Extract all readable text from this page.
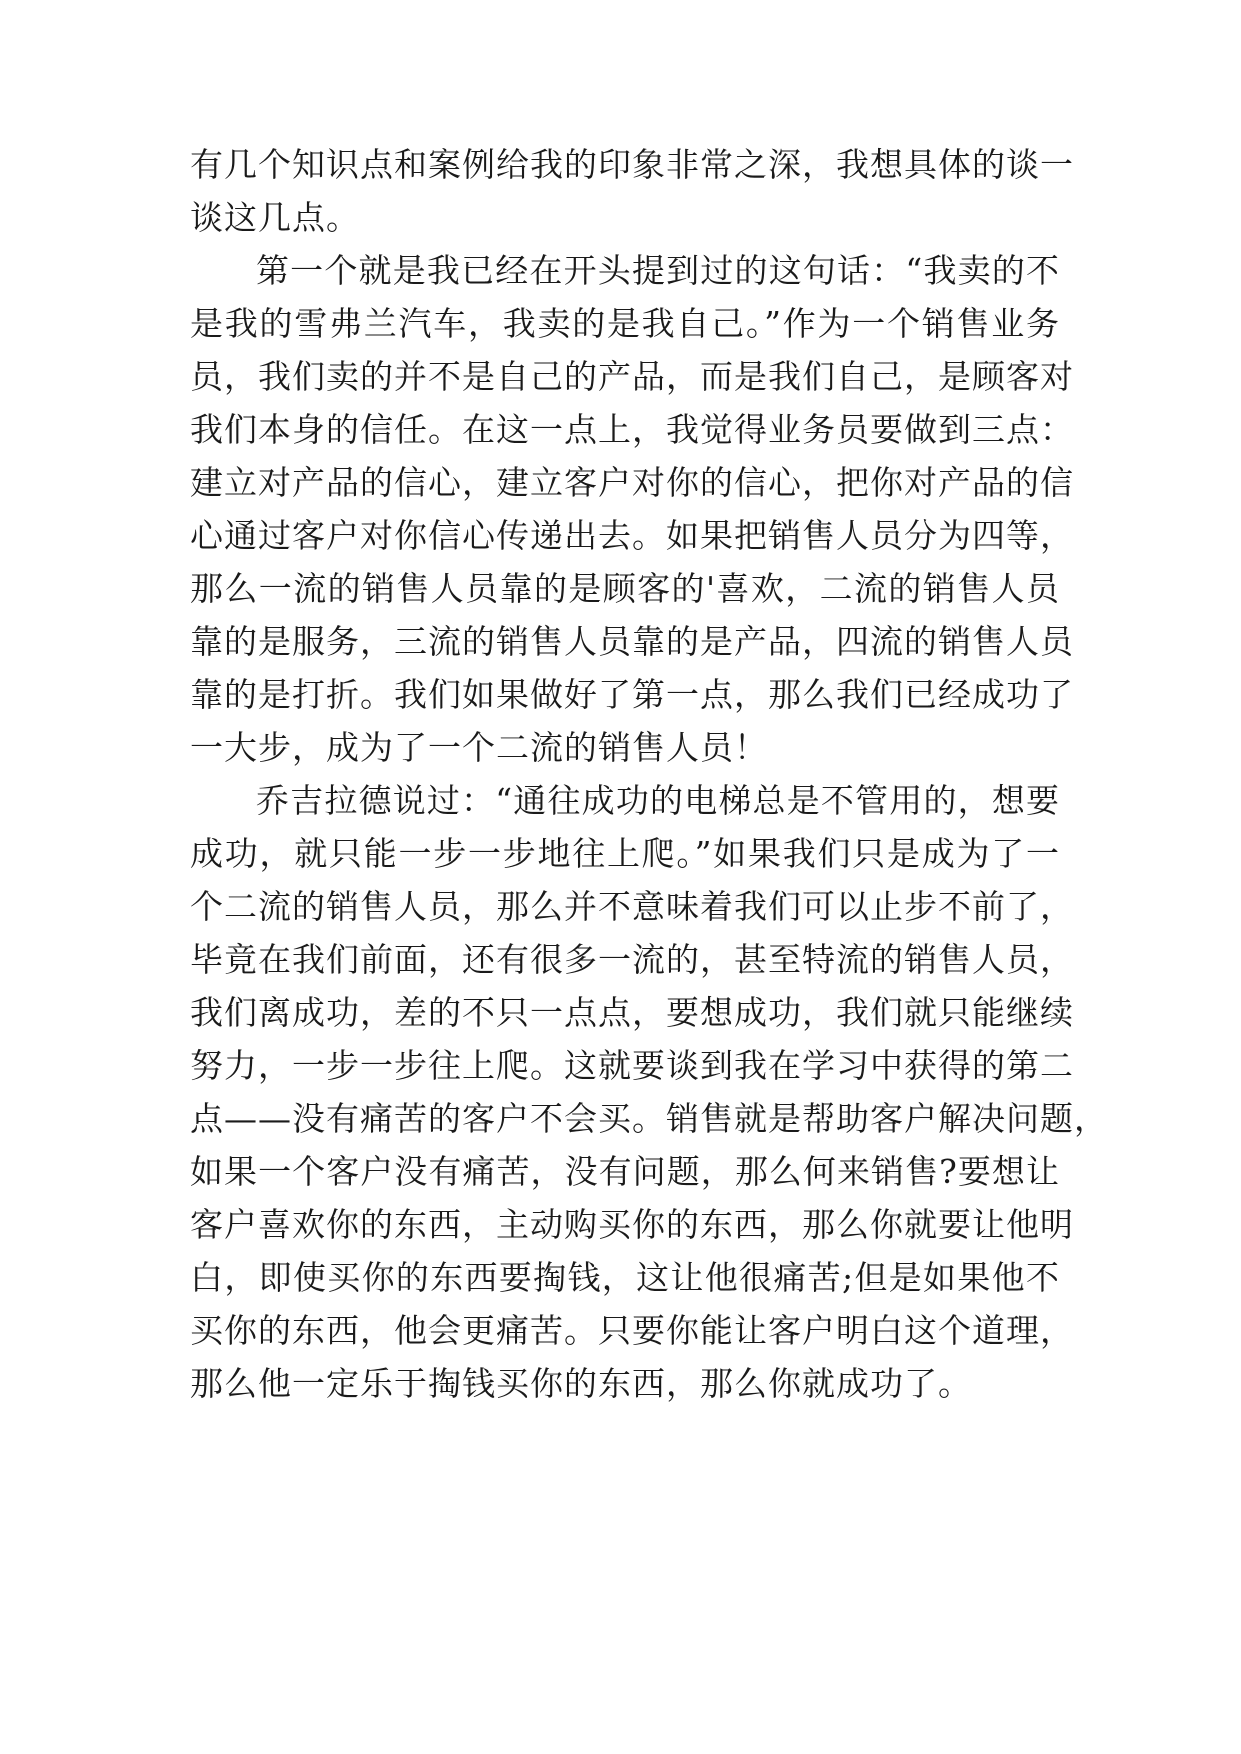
有几个知识点和案例给我的印象非常之深，我想具体的谈一
谈这几点。
第一个就是我已经在开头提到过的这句话：“我卖的不
是我的雪弗兰汽车，我卖的是我自己。”作为一个销售业务
员，我们卖的并不是自己的产品，而是我们自己，是顾客对
我们本身的信任。在这一点上，我觉得业务员要做到三点：
建立对产品的信心，建立客户对你的信心，把你对产品的信
心通过客户对你信心传递出去。如果把销售人员分为四等，
那么一流的销售人员靠的是顾客的'喜欢，二流的销售人员
靠的是服务，三流的销售人员靠的是产品，四流的销售人员
靠的是打折。我们如果做好了第一点，那么我们已经成功了
一大步，成为了一个二流的销售人员！
乔吉拉德说过：“通往成功的电梯总是不管用的，想要
成功，就只能一步一步地往上爬。”如果我们只是成为了一
个二流的销售人员，那么并不意味着我们可以止步不前了，
毕竟在我们前面，还有很多一流的，甚至特流的销售人员，
我们离成功，差的不只一点点，要想成功，我们就只能继续
努力，一步一步往上爬。这就要谈到我在学习中获得的第二
点——没有痛苦的客户不会买。销售就是帮助客户解决问题，
如果一个客户没有痛苦，没有问题，那么何来销售?要想让
客户喜欢你的东西，主动购买你的东西，那么你就要让他明
白，即使买你的东西要掏钱，这让他很痛苦;但是如果他不
买你的东西，他会更痛苦。只要你能让客户明白这个道理，
那么他一定乐于掏钱买你的东西，那么你就成功了。
